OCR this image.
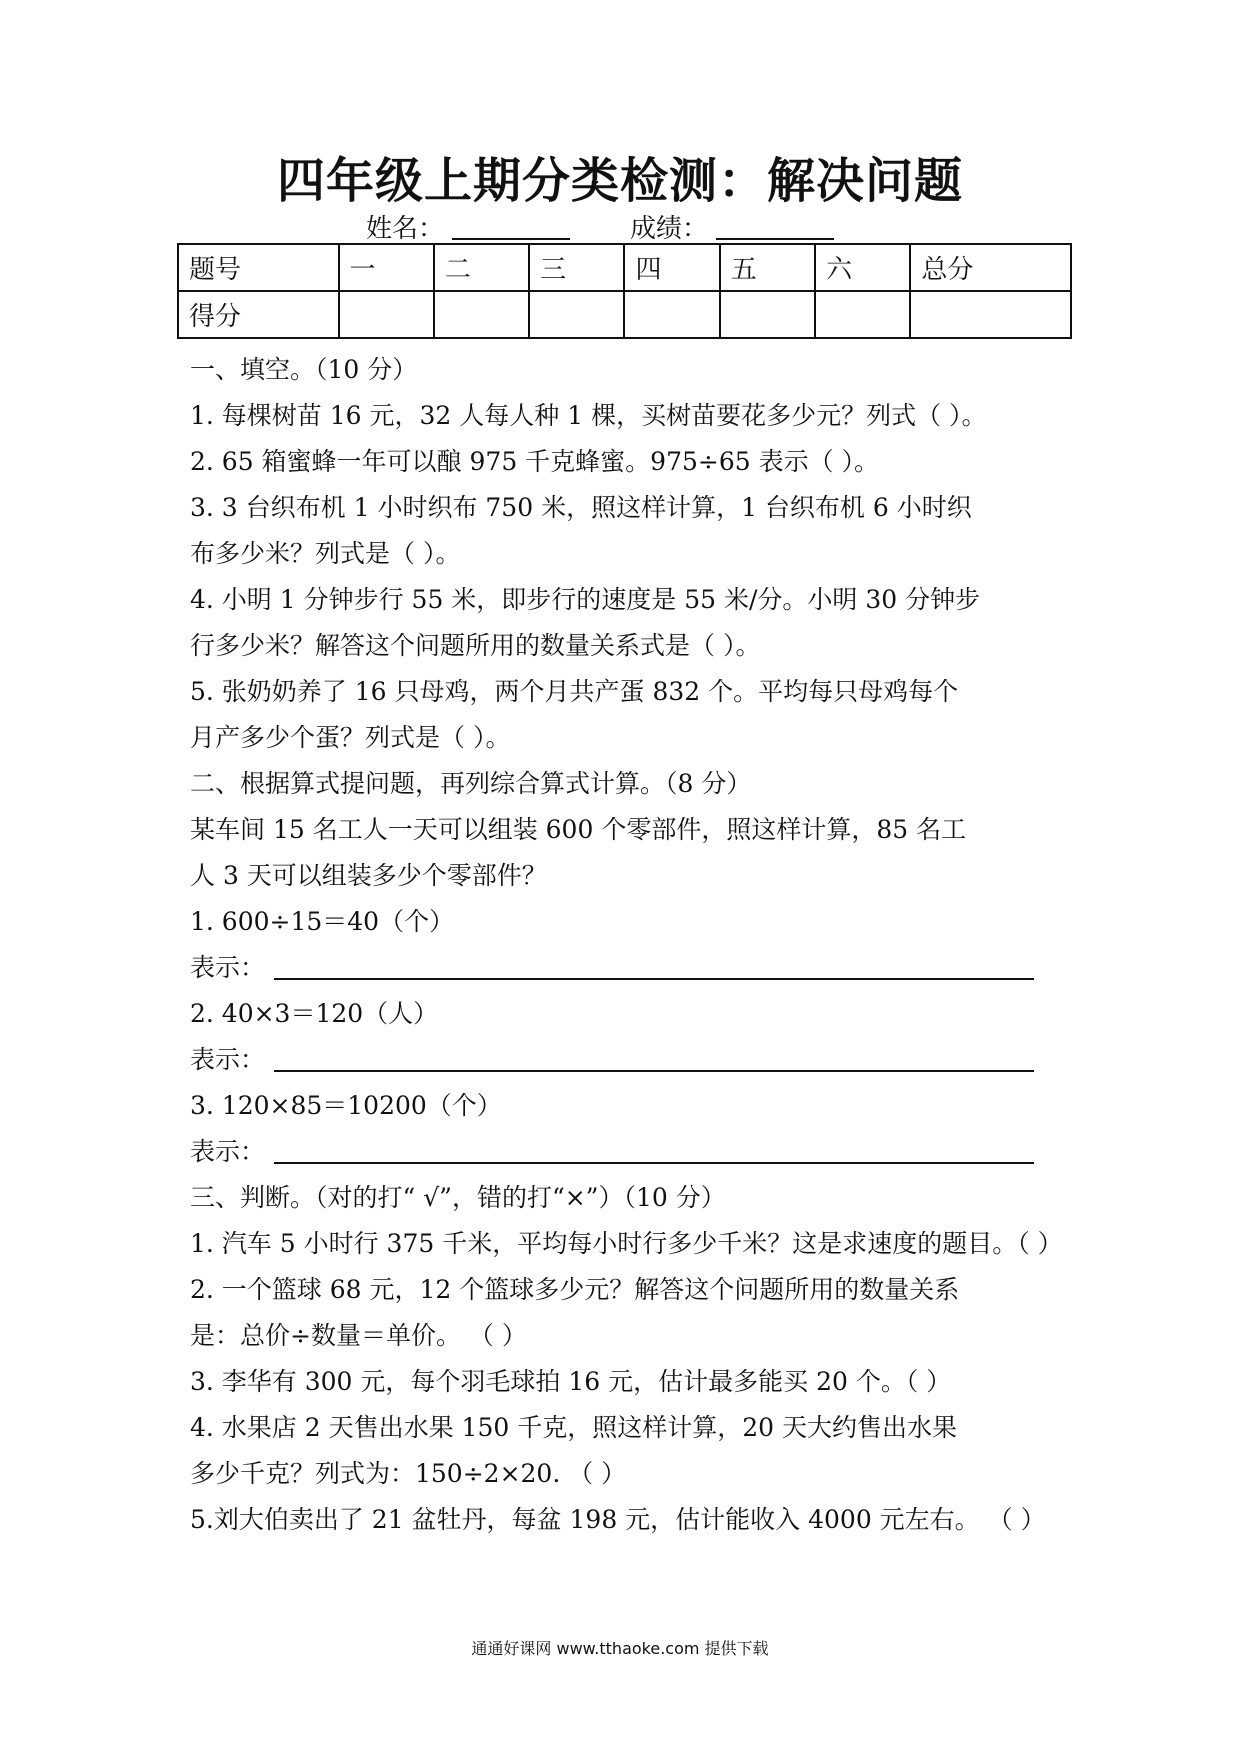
四年级上期分类检测：解决问题
姓名：	成绩：
题号	一	二	三	四	五	六	总分
得分							
一、填空。（10 分）
1. 每棵树苗 16 元，32 人每人种 1 棵，买树苗要花多少元？列式（ ）。
2. 65 箱蜜蜂一年可以酿 975 千克蜂蜜。975÷65 表示（ ）。
3. 3 台织布机 1 小时织布 750 米，照这样计算，1 台织布机 6 小时织
布多少米？列式是（ ）。
4. 小明 1 分钟步行 55 米，即步行的速度是 55 米/分。小明 30 分钟步
行多少米？解答这个问题所用的数量关系式是（ ）。
5. 张奶奶养了 16 只母鸡，两个月共产蛋 832 个。平均每只母鸡每个
月产多少个蛋？列式是（ ）。
二、根据算式提问题，再列综合算式计算。（8 分）
某车间 15 名工人一天可以组装 600 个零部件，照这样计算，85 名工
人 3 天可以组装多少个零部件？
1. 600÷15＝40（个）
表示：
2. 40×3＝120（人）
表示：
3. 120×85＝10200（个）
表示：
三、判断。（对的打“ √”，错的打“×”）（10 分）
1. 汽车 5 小时行 375 千米，平均每小时行多少千米？这是求速度的题目。（ ）
2. 一个篮球 68 元，12 个篮球多少元？解答这个问题所用的数量关系
是：总价÷数量＝单价。 （ ）
3. 李华有 300 元，每个羽毛球拍 16 元，估计最多能买 20 个。（ ）
4. 水果店 2 天售出水果 150 千克，照这样计算，20 天大约售出水果
多少千克？列式为：150÷2×20. （ ）
5.刘大伯卖出了 21 盆牡丹，每盆 198 元，估计能收入 4000 元左右。 （ ）
通通好课网 www.tthaoke.com 提供下载
